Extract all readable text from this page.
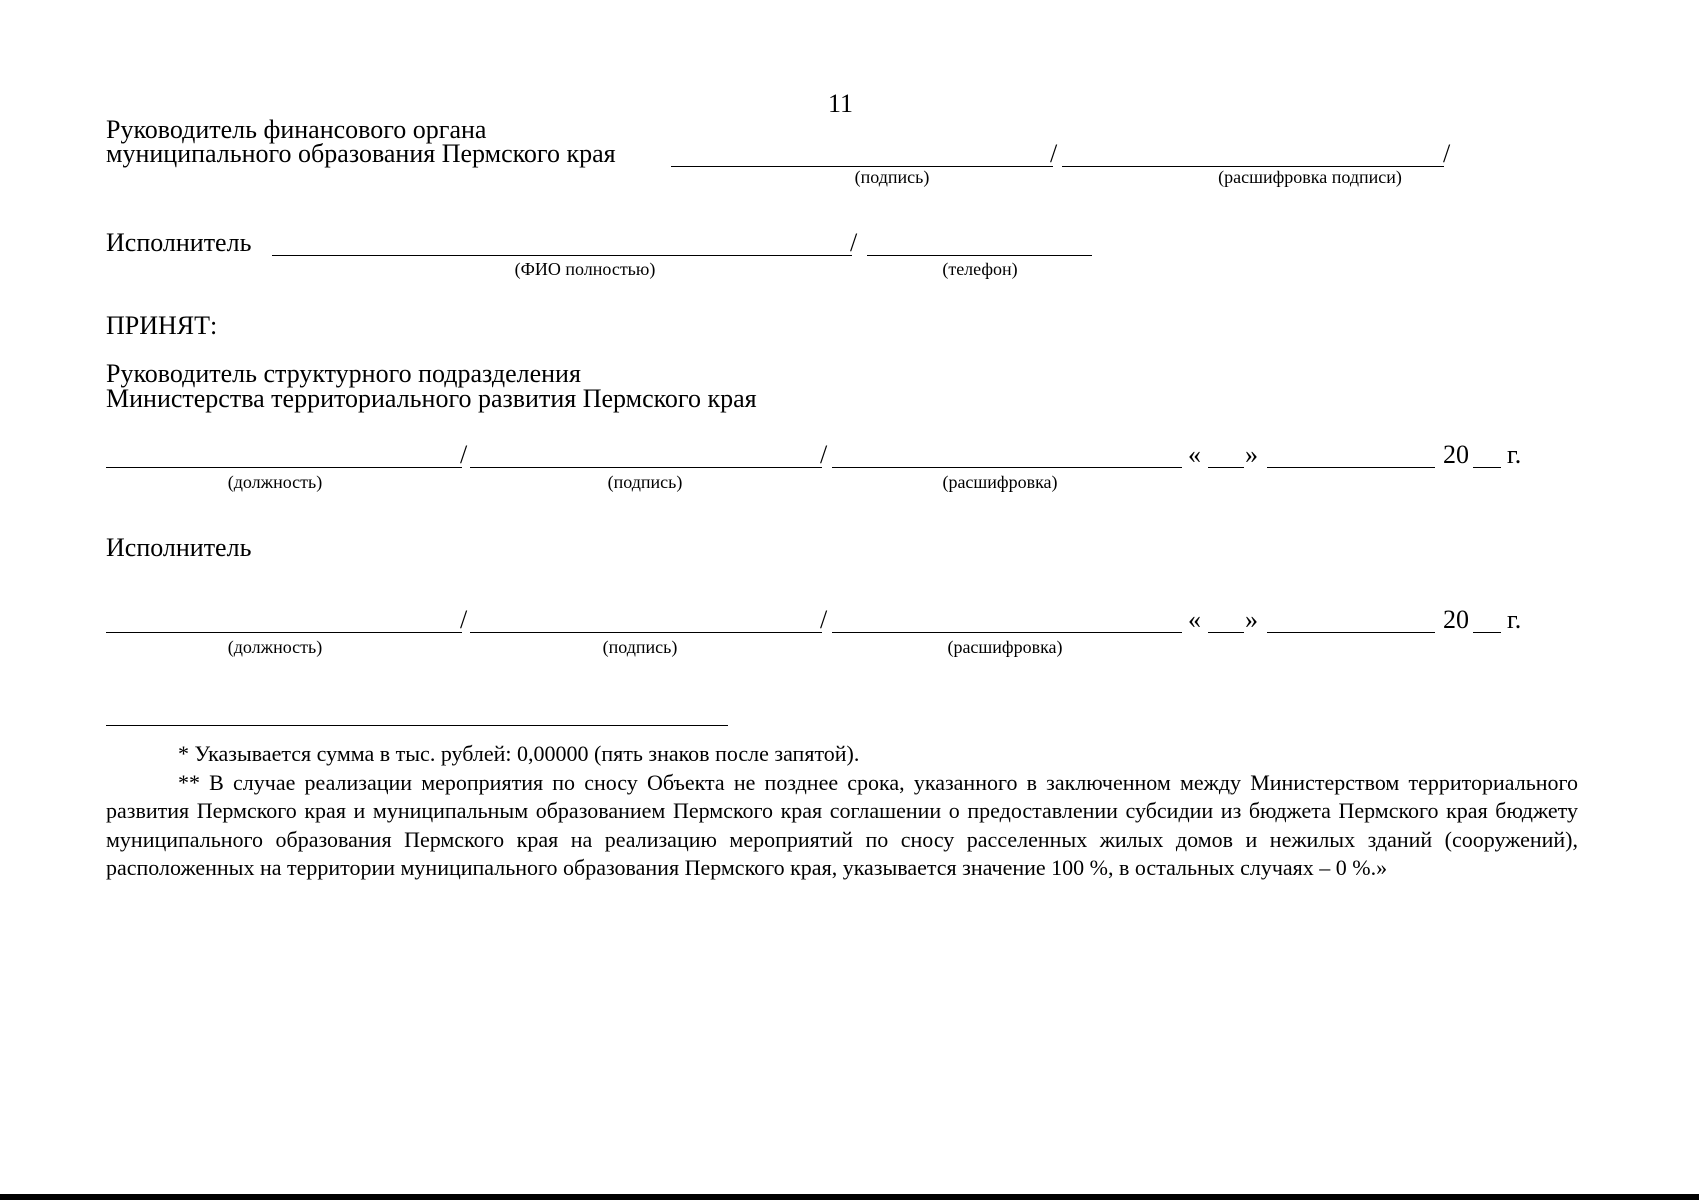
11
Руководитель финансового органа
муниципального образования Пермского края	/	/
(подпись)	(расшифровка подписи)
Исполнитель	/
(ФИО полностью)	(телефон)
ПРИНЯТ:
Руководитель структурного подразделения
Министерства территориального развития Пермского края
/	/	« »	20 г.
(должность)	(подпись)	(расшифровка)
Исполнитель
/	/	« »	20 г.
(должность)	(подпись)	(расшифровка)

* Указывается сумма в тыс. рублей: 0,00000 (пять знаков после запятой).

** В случае реализации мероприятия по сносу Объекта не позднее срока, указанного в заключенном между Министерством территориального развития Пермского края и муниципальным образованием Пермского края соглашении о предоставлении субсидии из бюджета Пермского края бюджету муниципального образования Пермского края на реализацию мероприятий по сносу расселенных жилых домов и нежилых зданий (сооружений), расположенных на территории муниципального образования Пермского края, указывается значение 100 %, в остальных случаях – 0 %.»
